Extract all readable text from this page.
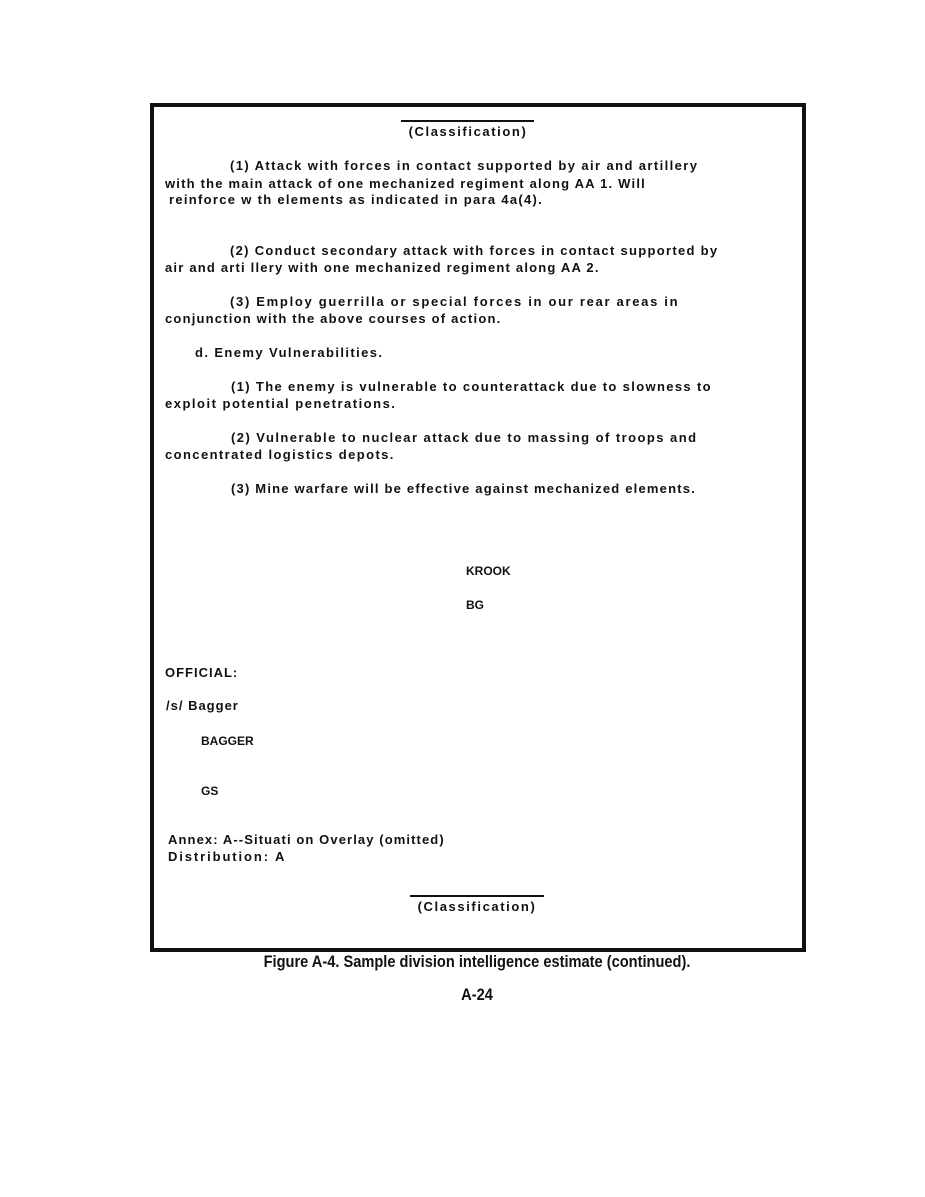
(Classification)
(1) Attack with forces in contact supported by air and artillery
with the main attack of one mechanized regiment along AA 1. Will
reinforce w th elements as indicated in para 4a(4).
(2) Conduct secondary attack with forces in contact supported by
air and arti llery with one mechanized regiment along AA 2.
(3) Employ guerrilla or special forces in our rear areas in
conjunction with the above courses of action.
d. Enemy Vulnerabilities.
(1) The enemy is vulnerable to counterattack due to slowness to
exploit potential penetrations.
(2) Vulnerable to nuclear attack due to massing of troops and
concentrated logistics depots.
(3) Mine warfare will be effective against mechanized elements.
KROOK
BG
OFFICIAL:
/s/ Bagger
BAGGER
GS
Annex: A--Situati on Overlay (omitted)
Distribution: A
(Classification)
Figure A-4. Sample division intelligence estimate (continued).
A-24
